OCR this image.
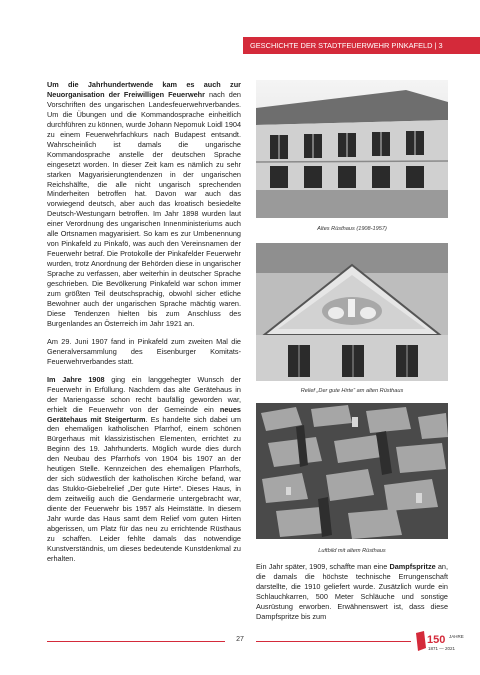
GESCHICHTE DER STADTFEUERWEHR PINKAFELD | 3

Um die Jahrhundertwende kam es auch zur Neuorganisation der Freiwilligen Feuerwehr nach den Vorschriften des ungarischen Landesfeuerwehrverbandes. Um die Übungen und die Kommandosprache einheitlich durchführen zu können, wurde Johann Nepomuk Loidl 1904 zu einem Feuerwehrfachkurs nach Budapest entsandt. Wahrscheinlich ist damals die ungarische Kommandosprache anstelle der deutschen Sprache eingesetzt worden. In dieser Zeit kam es nämlich zu sehr starken Magyarisierungtendenzen in der ungarischen Reichshälfte, die alle nicht ungarisch sprechenden Minderheiten betroffen hat. Davon war auch das vorwiegend deutsch, aber auch das kroatisch besiedelte Deutsch-Westungarn betroffen. Im Jahr 1898 wurden laut einer Verordnung des ungarischen Innenministeriums auch alle Ortsnamen magyarisiert. So kam es zur Umbenennung von Pinkafeld zu Pinkafö, was auch den Vereinsnamen der Feuerwehr betraf. Die Protokolle der Pinkafelder Feuerwehr wurden, trotz Anordnung der Behörden diese in ungarischer Sprache zu verfassen, aber weiterhin in deutscher Sprache geschrieben. Die Bevölkerung Pinkafeld war schon immer zum größten Teil deutschsprachig, obwohl sicher etliche Bewohner auch der ungarischen Sprache mächtig waren. Diese Tendenzen hielten bis zum Anschluss des Burgenlandes an Österreich im Jahr 1921 an.

Am 29. Juni 1907 fand in Pinkafeld zum zweiten Mal die Generalversammlung des Eisenburger Komitats-Feuerwehrverbandes statt.

Im Jahre 1908 ging ein langgehegter Wunsch der Feuerwehr in Erfüllung. Nachdem das alte Gerätehaus in der Mariengasse schon recht baufällig geworden war, erhielt die Feuerwehr von der Gemeinde ein neues Gerätehaus mit Steigerturm. Es handelte sich dabei um den ehemaligen katholischen Pfarrhof, einem schönen Bürgerhaus mit klassizistischen Elementen, errichtet zu Beginn des 19. Jahrhunderts. Möglich wurde dies durch den Neubau des Pfarrhofs von 1904 bis 1907 an der heutigen Stelle. Kennzeichen des ehemaligen Pfarrhofs, der sich südwestlich der katholischen Kirche befand, war das Stukko-Giebelrelief „Der gute Hirte“. Dieses Haus, in dem zeitweilig auch die Gendarmerie untergebracht war, diente der Feuerwehr bis 1957 als Heimstätte. In diesem Jahr wurde das Haus samt dem Relief vom guten Hirten abgerissen, um Platz für das neu zu errichtende Rüsthaus zu schaffen. Leider fehlte damals das notwendige Kunstverständnis, um dieses bedeutende Kunstdenkmal zu erhalten.

Altes Rüsthaus (1908-1957)
Relief „Der gute Hirte“ am alten Rüsthaus
Luftbild mit altem Rüsthaus

Ein Jahr später, 1909, schaffte man eine Dampfspritze an, die damals die höchste technische Errungenschaft darstellte, die 1910 geliefert wurde. Zusätzlich wurde ein Schlauchkarren, 500 Meter Schläuche und sonstige Ausrüstung erworben. Erwähnenswert ist, dass diese Dampfspritze bis zum

27	150 JAHRE
1871 — 2021
